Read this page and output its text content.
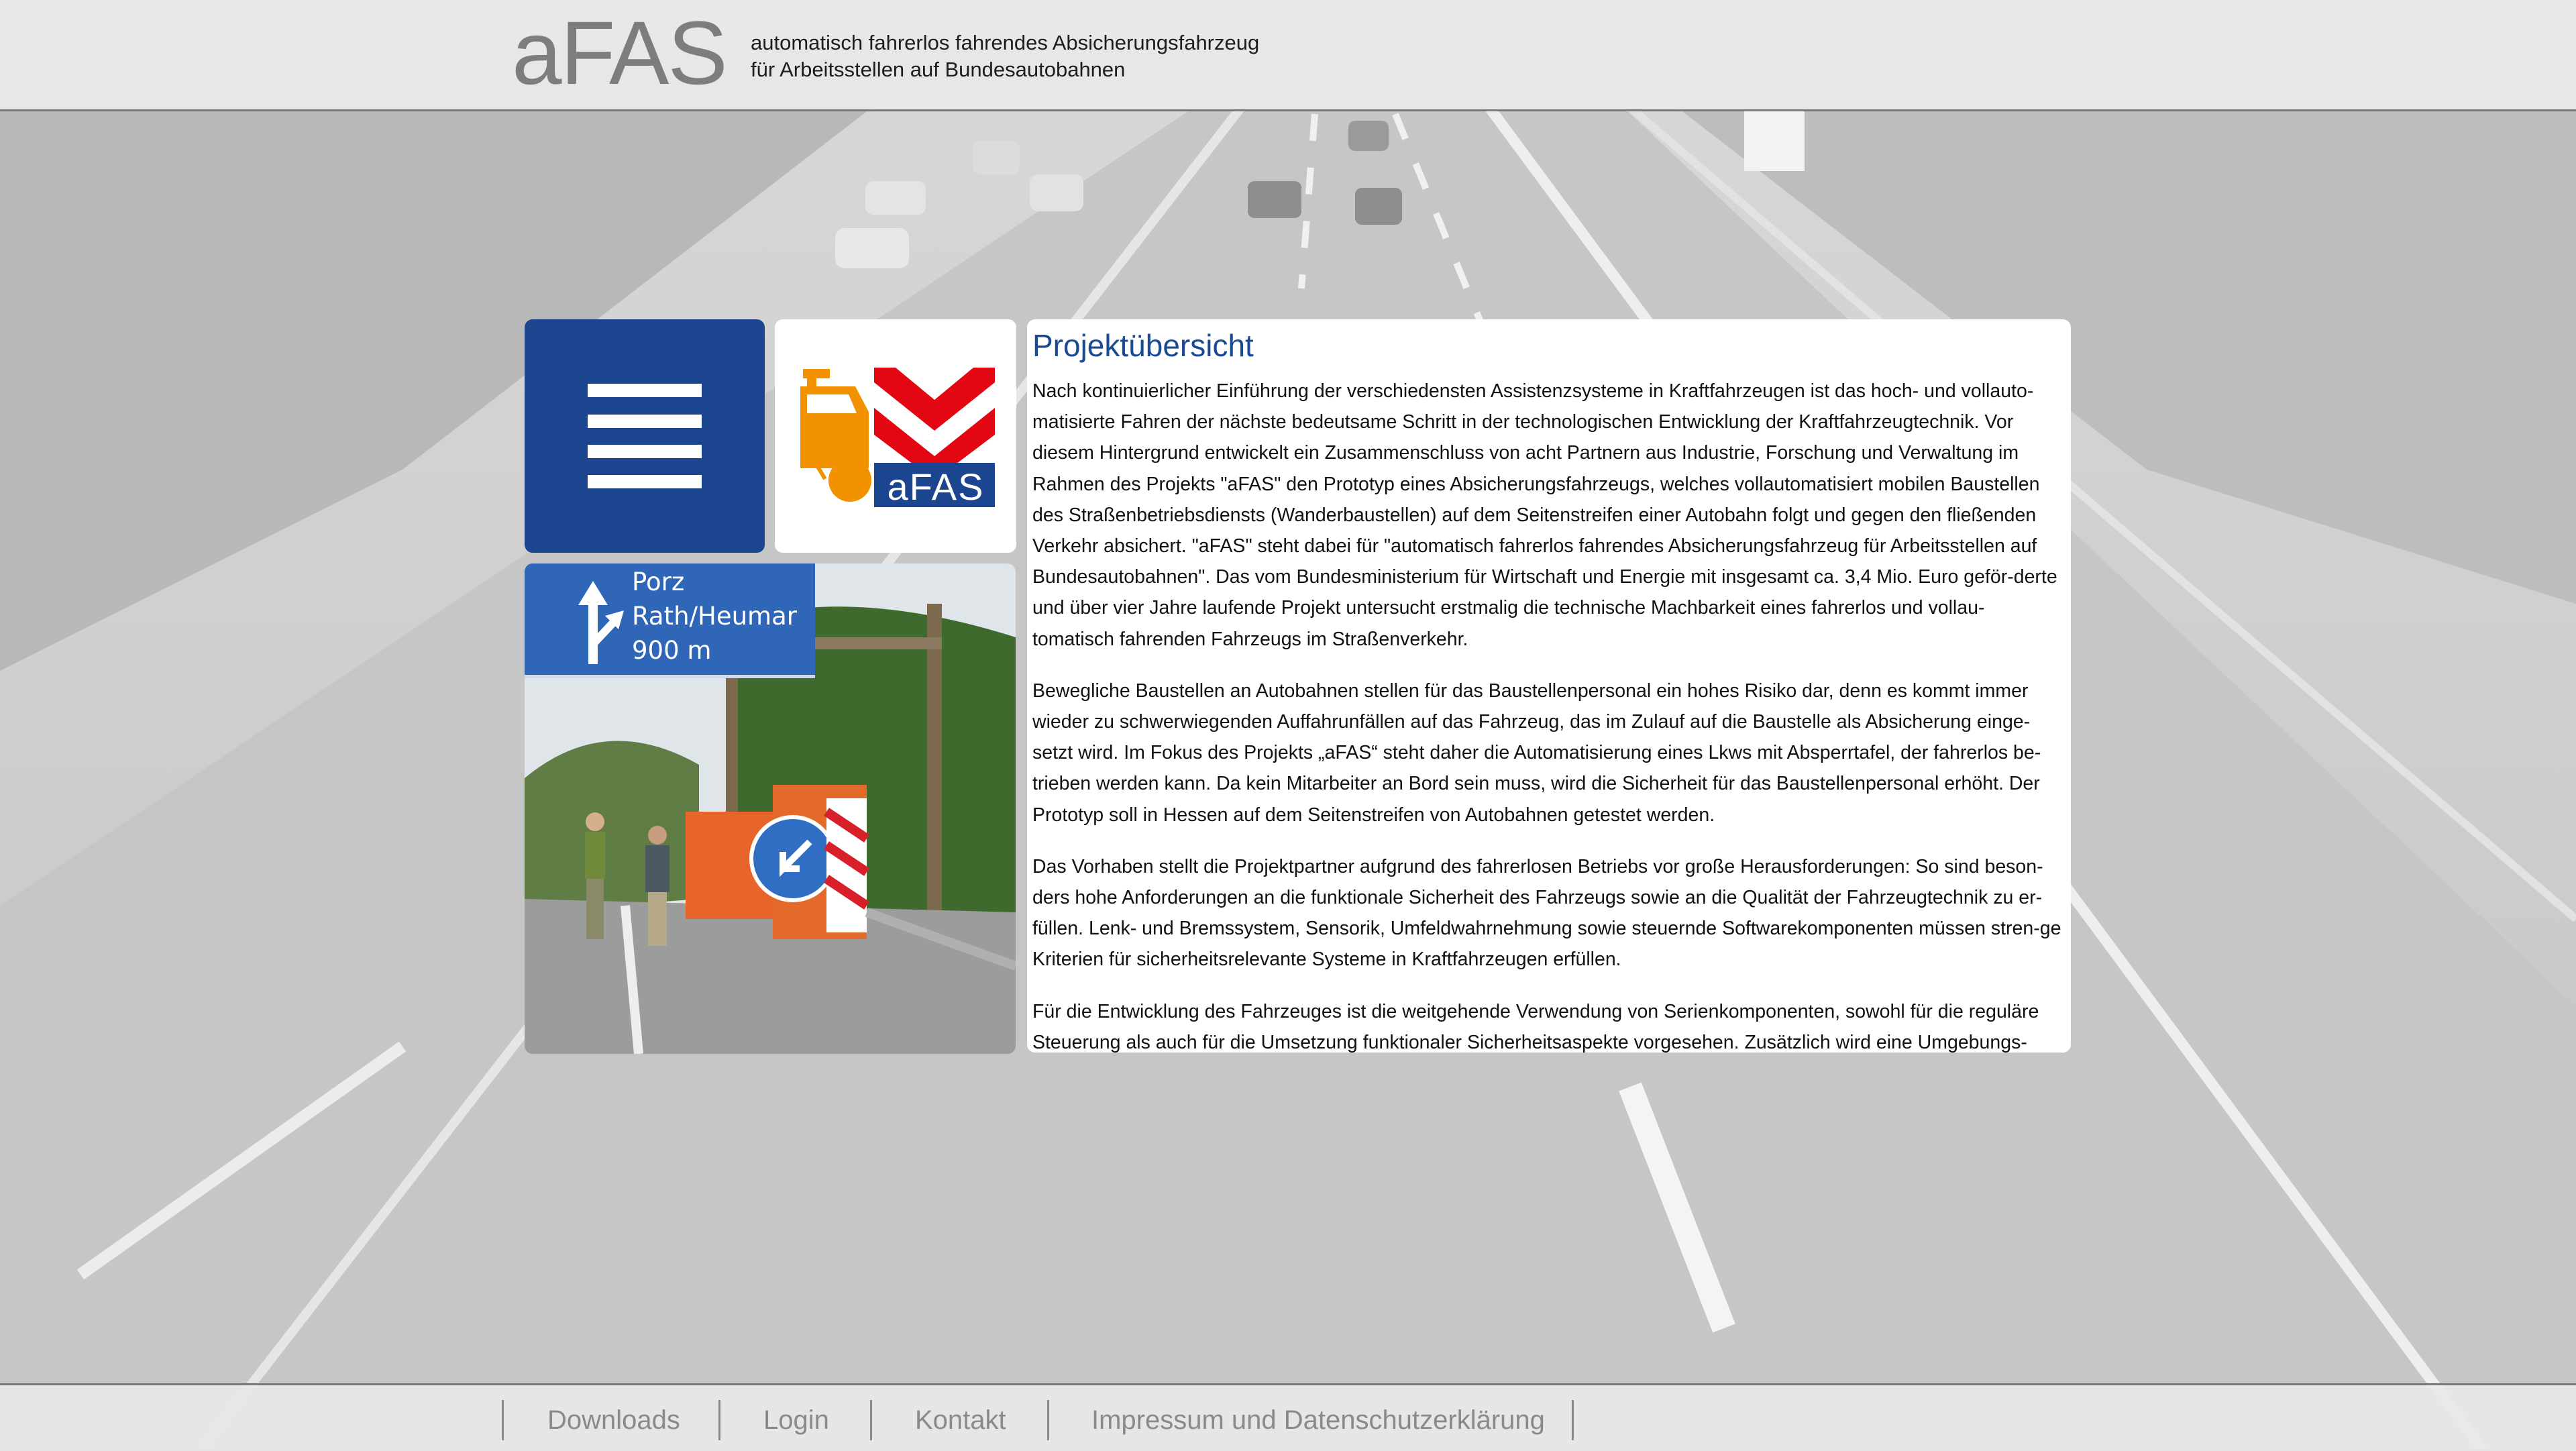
aFAS automatisch fahrerlos fahrendes Absicherungsfahrzeug
für Arbeitsstellen auf Bundesautobahnen
aFAS
Porz
Rath/Heumar
900 m
Projektübersicht

Nach kontinuierlicher Einführung der verschiedensten Assistenzsysteme in Kraftfahrzeugen ist das hoch- und vollauto-matisierte Fahren der nächste bedeutsame Schritt in der technologischen Entwicklung der Kraftfahrzeugtechnik. Vor diesem Hintergrund entwickelt ein Zusammenschluss von acht Partnern aus Industrie, Forschung und Verwaltung im Rahmen des Projekts "aFAS" den Prototyp eines Absicherungsfahrzeugs, welches vollautomatisiert mobilen Baustellen des Straßenbetriebsdiensts (Wanderbaustellen) auf dem Seitenstreifen einer Autobahn folgt und gegen den fließenden Verkehr absichert. "aFAS" steht dabei für "automatisch fahrerlos fahrendes Absicherungsfahrzeug für Arbeitsstellen auf Bundesautobahnen". Das vom Bundesministerium für Wirtschaft und Energie mit insgesamt ca. 3,4 Mio. Euro geför-derte und über vier Jahre laufende Projekt untersucht erstmalig die technische Machbarkeit eines fahrerlos und vollau-tomatisch fahrenden Fahrzeugs im Straßenverkehr.

Bewegliche Baustellen an Autobahnen stellen für das Baustellenpersonal ein hohes Risiko dar, denn es kommt immer wieder zu schwerwiegenden Auffahrunfällen auf das Fahrzeug, das im Zulauf auf die Baustelle als Absicherung einge-setzt wird. Im Fokus des Projekts „aFAS“ steht daher die Automatisierung eines Lkws mit Absperrtafel, der fahrerlos be-trieben werden kann. Da kein Mitarbeiter an Bord sein muss, wird die Sicherheit für das Baustellenpersonal erhöht. Der Prototyp soll in Hessen auf dem Seitenstreifen von Autobahnen getestet werden.

Das Vorhaben stellt die Projektpartner aufgrund des fahrerlosen Betriebs vor große Herausforderungen: So sind beson-ders hohe Anforderungen an die funktionale Sicherheit des Fahrzeugs sowie an die Qualität der Fahrzeugtechnik zu er-füllen. Lenk- und Bremssystem, Sensorik, Umfeldwahrnehmung sowie steuernde Softwarekomponenten müssen stren-ge Kriterien für sicherheitsrelevante Systeme in Kraftfahrzeugen erfüllen.

Für die Entwicklung des Fahrzeuges ist die weitgehende Verwendung von Serienkomponenten, sowohl für die reguläre Steuerung als auch für die Umsetzung funktionaler Sicherheitsaspekte vorgesehen. Zusätzlich wird eine Umgebungs-

Downloads	Login	Kontakt	Impressum und Datenschutzerklärung
